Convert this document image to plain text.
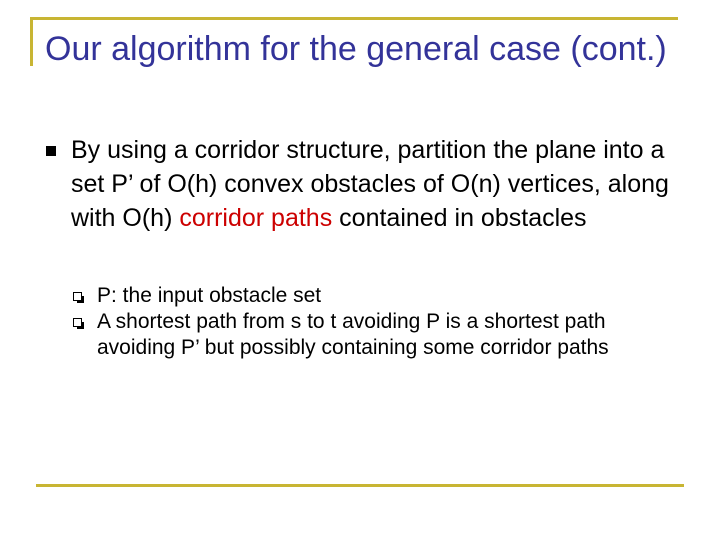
Our algorithm for the general case (cont.)

By using a corridor structure, partition the plane into a set P’ of O(h) convex obstacles of O(n) vertices, along with O(h) corridor paths contained in obstacles

P: the input obstacle set

A shortest path from s to t avoiding P is a shortest path avoiding P’ but possibly containing some corridor paths
